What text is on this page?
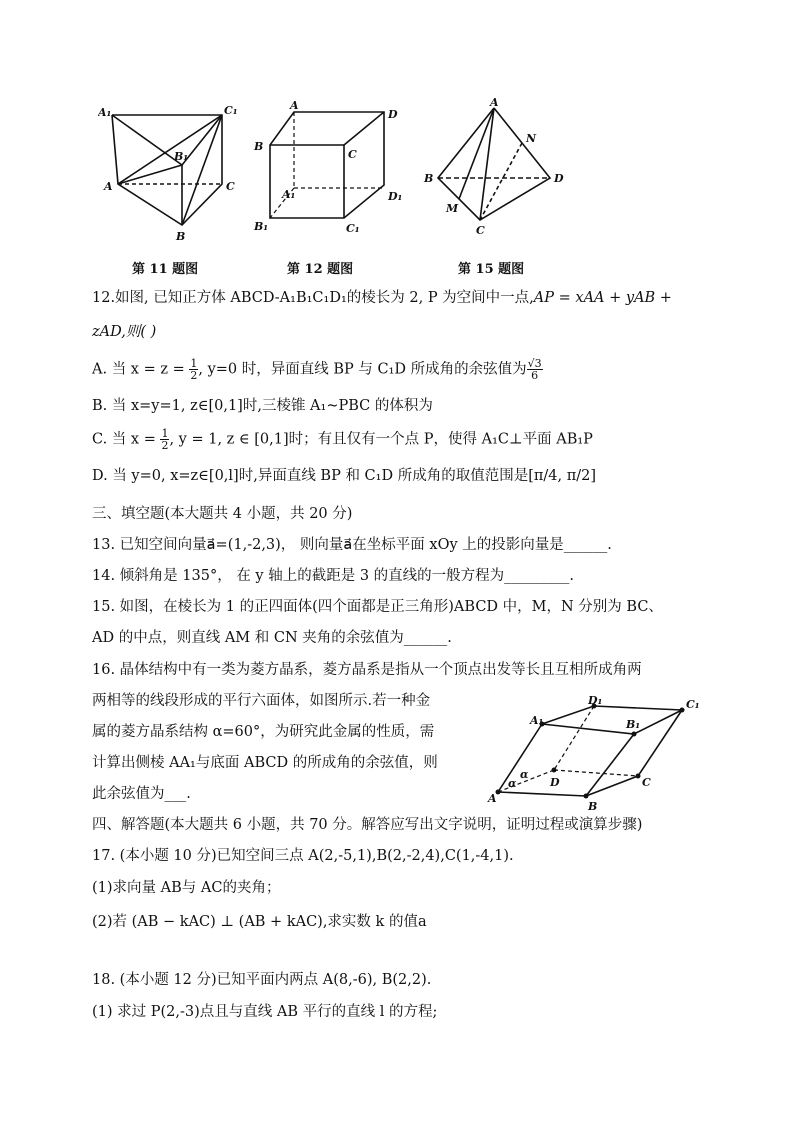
A₁	C₁
B₁
A	C
B
A
D
B
C
A₁	D₁
B₁	C₁
A
N
B	D
M
C
第 11 题图	第 12 题图	第 15 题图
12.如图, 已知正方体 ABCD-A₁B₁C₁D₁的棱长为 2, P 为空间中一点,AP = xAA + yAB +
zAD,则( )
A. 当 $x = z = \frac{1}{2}$ , y=0 时，异面直线 BP 与 C₁D 所成角的余弦值为 $\frac{√3}{6}$
B. 当 x=y=1, z∈[0,1]时,三棱锥 A₁~PBC 的体积为
C. 当 $x = \frac{1}{2}$ , y = 1, z ∈ [0,1]时；有且仅有一个点 P，使得 A₁C⊥平面 AB₁P
D. 当 y=0, x=z∈[0,l]时,异面直线 BP 和 C₁D 所成角的取值范围是[π/4, π/2]
三、填空题(本大题共 4 小题，共 20 分)
13. 已知空间向量a⃗=(1,-2,3)， 则向量a⃗在坐标平面 xOy 上的投影向量是______.
14. 倾斜角是 135°， 在 y 轴上的截距是 3 的直线的一般方程为_________.
15. 如图，在棱长为 1 的正四面体(四个面都是正三角形)ABCD 中，M，N 分别为 BC、
AD 的中点，则直线 AM 和 CN 夹角的余弦值为______.
16. 晶体结构中有一类为菱方晶系，菱方晶系是指从一个顶点出发等长且互相所成角两
两相等的线段形成的平行六面体，如图所示.若一种金
属的菱方晶系结构 α=60°，为研究此金属的性质，需
计算出侧棱 AA₁与底面 ABCD 的所成角的余弦值，则
此余弦值为___.
D₁
A₁	B₁
C₁
D
A
B
C
α
α
四、解答题(本大题共 6 小题，共 70 分。解答应写出文字说明，证明过程或演算步骤)
17. (本小题 10 分)已知空间三点 A(2,-5,1),B(2,-2,4),C(1,-4,1).
(1)求向量 AB与 AC的夹角；
(2)若 (AB − kAC) ⊥ (AB + kAC),求实数 k 的值a
18. (本小题 12 分)已知平面内两点 A(8,-6), B(2,2).
(1) 求过 P(2,-3)点且与直线 AB 平行的直线 l 的方程;
